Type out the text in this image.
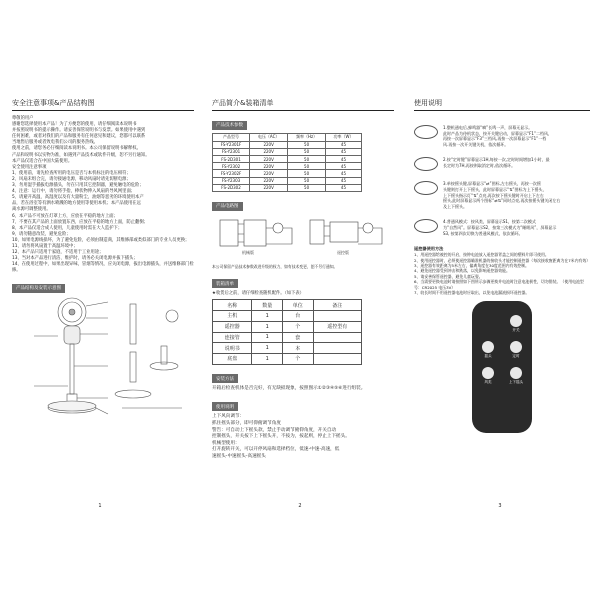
安全注意事项&产品结构图
尊敬的用户
感谢您选择使用本产品！为了方便您的使用，请仔细阅读本说明书
并按照说明书的提示操作。请妥善保管说明书与发票。如果使用中遇到
任何困难，或者对我们的产品和服务有任何意见和建议，您都可以联系
当地售后服务或者致电我们公司的服务热线。
使用之前，请您务必仔细阅读本说明书。本公司保留说明书解释权。
产品和说明书以实物为准，如遇到产品技术或软件升级，恕不另行通知。
本产品仅适合在中国大陆使用。
安全使用注意事项
1、使用前，请先检查所用的电压是否与本机标注的电压相符；
2、风扇未组合完，请勿接通电源，移动风扇时请先切断电源；
3、勿用湿手插拔电源插头，勿在只用其它控制器，避免触电的危险；
4、注意：运行中，请勿将手指，棒状物伸入风扇的导风网里面；
5、请避开高温、高湿度以及有大量粉尘，油烟等恶劣的环境使用本产
品，若在浴室等有洒水喷溅的地方使用等使用本机；本产品使用在远
离水源可调整使用。
6、本产品不可放在灯罩上方，应放在平稳的地方上面；
7、不要在其产品的上面放置东西，应放在平稳的地方上面，防止翻倒；
8、本产品仅适合成人使用，儿童使用时需在大人监护下；
9、请勿随意改装，避免危险；
10、如果电源线损坏，为了避免危险，必须由制造商，其维修部或类似部门的专业人员更换；
11、请勿将风扇置于高温环境中；
12、本产品只适用于家庭，不适用于工业用途；
13、当对本产品进行清洁、维护时，请务必关闭电源并拔下插头；
14、在使用过程中，如果出现异味，冒烟等情况，应关闭电源，拔出电源插头，并送维修部门检修。
产品结构及安装示意图
1
产品简介&装箱清单
产品技术参数
产品型号	电压（AC）	频率（Hz）	功率（W）
FS-Y2301F	220V	50	45
FS-Y2301	220V	50	45
FS-2D301	220V	50	45
FS-Y2302	220V	50	45
FS-Y2302F	220V	50	45
FS-Y2303	220V	50	45
FS-2D302	220V	50	45
产品电路图
机械版	遥控版
本公司保留产品技术参数改进升级的权力，如有技术变更，恕不另行通知。
装箱清单
★收货后之前，请仔细检查随机配件。（如下表）
名称	数量	单位	备注
主机	1	台	
遥控器	1	个	遥控型有
连接管	1	套	
说明书	1	本	
底盘	1	个	
安装方法
开箱后检查机体是否完好，有无缺损现象，按照图示①②③④⑤⑥进行组装。
使用说明
上下风向调节：
抓住摇头部分，即可仰俯调节角度
警告：可自动上下摇头款，禁止手动调节俯仰角度，开关自动
控制摇头，开关按下上下摇头开，不按为，按起则，停止上下摇头。
机械型使用：
打开旋转开关，可以开停风扇和选择档位，低速-中速-高速，低
速摇头-中速摇头-高速摇头
2
使用说明
1.整机通电后,蜂鸣器“嘀”长鸣一声，屏幕无显示。
此时产品为待机状态，按开关键启动，屏幕显示“F1”二档风，
再按一次屏幕显示“F3”三档风,再按一次屏幕显示“F1”一档
风.再按一次开关键关机，依次循环。
2.按“定时键”屏幕显示1H,每按一次,定时时间增加1小时，最
长定时为7H,再按则取消定时,依次循环。
3.单按摇头键,屏幕显示“⇄”图标,左右摇头，再按一次摇
头键则打开上下摇头，此时屏幕显示“⇅”图标为上下摇头，
上下摇头指示灯“⇅”点亮,再次按下摇头键时开启上下左右
摇头,此时屏幕显示两个图标“⇄⇅”同时点亮,再次按摇头键关闭左右
及上下摇头。
4.普通风模式：按风类，屏幕显示S1，按第二次模式
为“自然风”。屏幕显示S2，按第三次模式为“睡眠风”，屏幕显示
S3, 按第四次切换为普通风模式，依次循环。
遥控器使用方法
1、用遥控器给被控的开启，按钟电池放入遥控器背盖之间的塑料片即可使用。
2、使用遥控器时，必须使遥控器瞄准机器的接收头才能控制遥控器（每次接收窗距离为在7米内有效）
3、遥控器有效距离为5米左右，偏离角度在30度范围内有效控制。
4、避免遥控器受到冲击和跌落，以免影响遥控器效能。
5、请妥善保管遥控器，避免儿童玩耍。
6、当需要更换电池时请按照如下图所示步骤更换并电池时注意电池极性，切勿错装。（使用电池型号：CR2025 电压3V）
7、较长时间不用遥控器电池时应取出，以免电池漏液损坏遥控器。
开关
摇头	定时
风类	上下摇头
3
